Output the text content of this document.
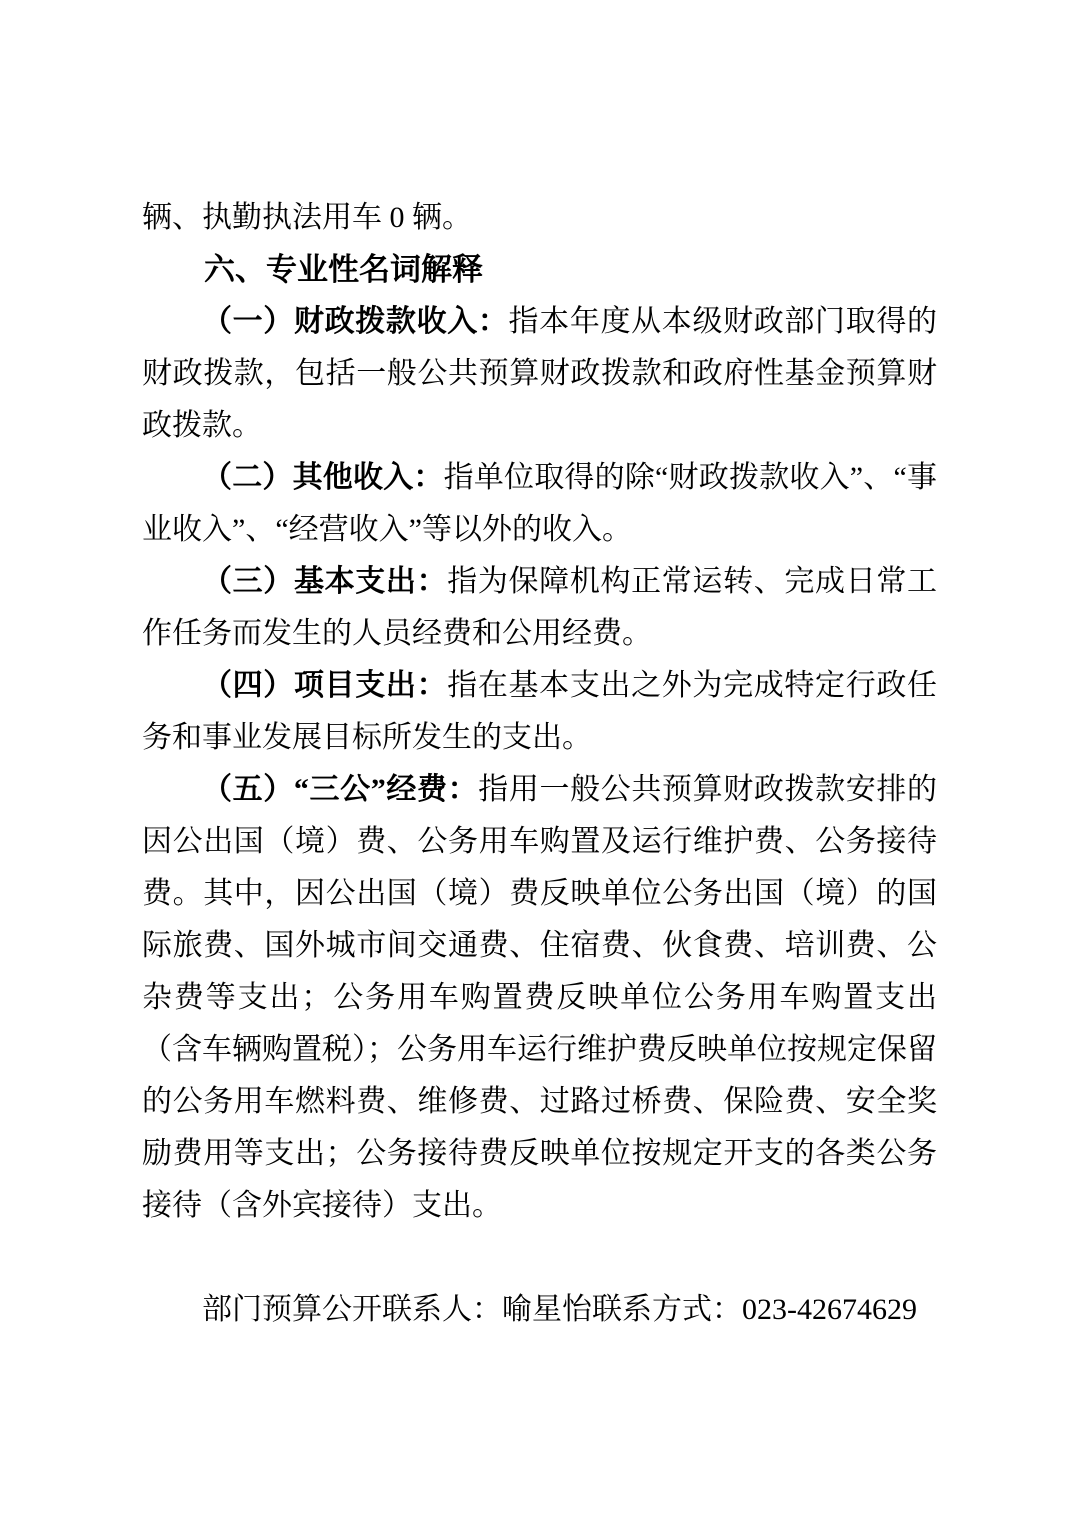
辆、执勤执法用车 0 辆。

六、专业性名词解释

（一）财政拨款收入：指本年度从本级财政部门取得的财政拨款，包括一般公共预算财政拨款和政府性基金预算财政拨款。

（二）其他收入：指单位取得的除“财政拨款收入”、“事业收入”、“经营收入”等以外的收入。

（三）基本支出：指为保障机构正常运转、完成日常工作任务而发生的人员经费和公用经费。

（四）项目支出：指在基本支出之外为完成特定行政任务和事业发展目标所发生的支出。

（五）“三公”经费：指用一般公共预算财政拨款安排的因公出国（境）费、公务用车购置及运行维护费、公务接待费。其中，因公出国（境）费反映单位公务出国（境）的国际旅费、国外城市间交通费、住宿费、伙食费、培训费、公杂费等支出；公务用车购置费反映单位公务用车购置支出（含车辆购置税）；公务用车运行维护费反映单位按规定保留的公务用车燃料费、维修费、过路过桥费、保险费、安全奖励费用等支出；公务接待费反映单位按规定开支的各类公务接待（含外宾接待）支出。

部门预算公开联系人：喻星怡联系方式：023-42674629
